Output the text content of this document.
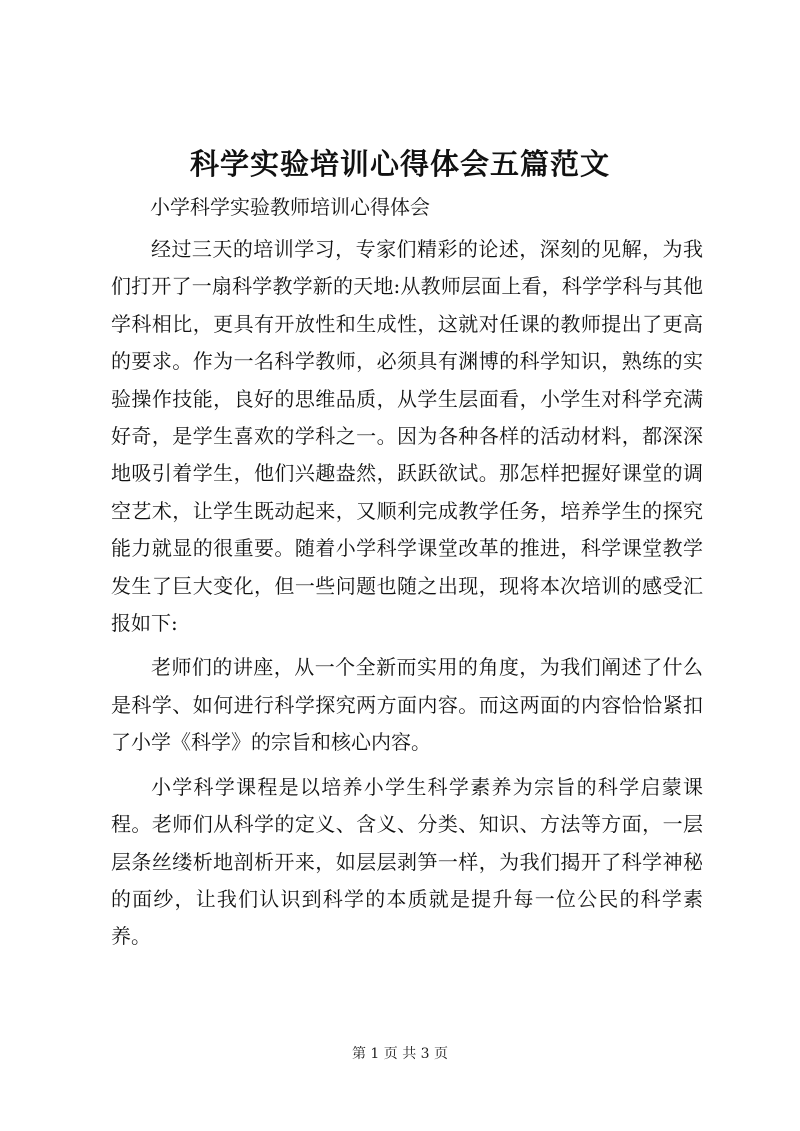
科学实验培训心得体会五篇范文

小学科学实验教师培训心得体会

经过三天的培训学习，专家们精彩的论述，深刻的见解，为我们打开了一扇科学教学新的天地:从教师层面上看，科学学科与其他学科相比，更具有开放性和生成性，这就对任课的教师提出了更高的要求。作为一名科学教师，必须具有渊博的科学知识，熟练的实验操作技能，良好的思维品质，从学生层面看，小学生对科学充满好奇，是学生喜欢的学科之一。因为各种各样的活动材料，都深深地吸引着学生，他们兴趣盎然，跃跃欲试。那怎样把握好课堂的调空艺术，让学生既动起来，又顺利完成教学任务，培养学生的探究能力就显的很重要。随着小学科学课堂改革的推进，科学课堂教学发生了巨大变化，但一些问题也随之出现，现将本次培训的感受汇报如下:

老师们的讲座，从一个全新而实用的角度，为我们阐述了什么是科学、如何进行科学探究两方面内容。而这两面的内容恰恰紧扣了小学《科学》的宗旨和核心内容。

小学科学课程是以培养小学生科学素养为宗旨的科学启蒙课程。老师们从科学的定义、含义、分类、知识、方法等方面，一层层条丝缕析地剖析开来，如层层剥笋一样，为我们揭开了科学神秘的面纱，让我们认识到科学的本质就是提升每一位公民的科学素养。

第 1 页 共 3 页
